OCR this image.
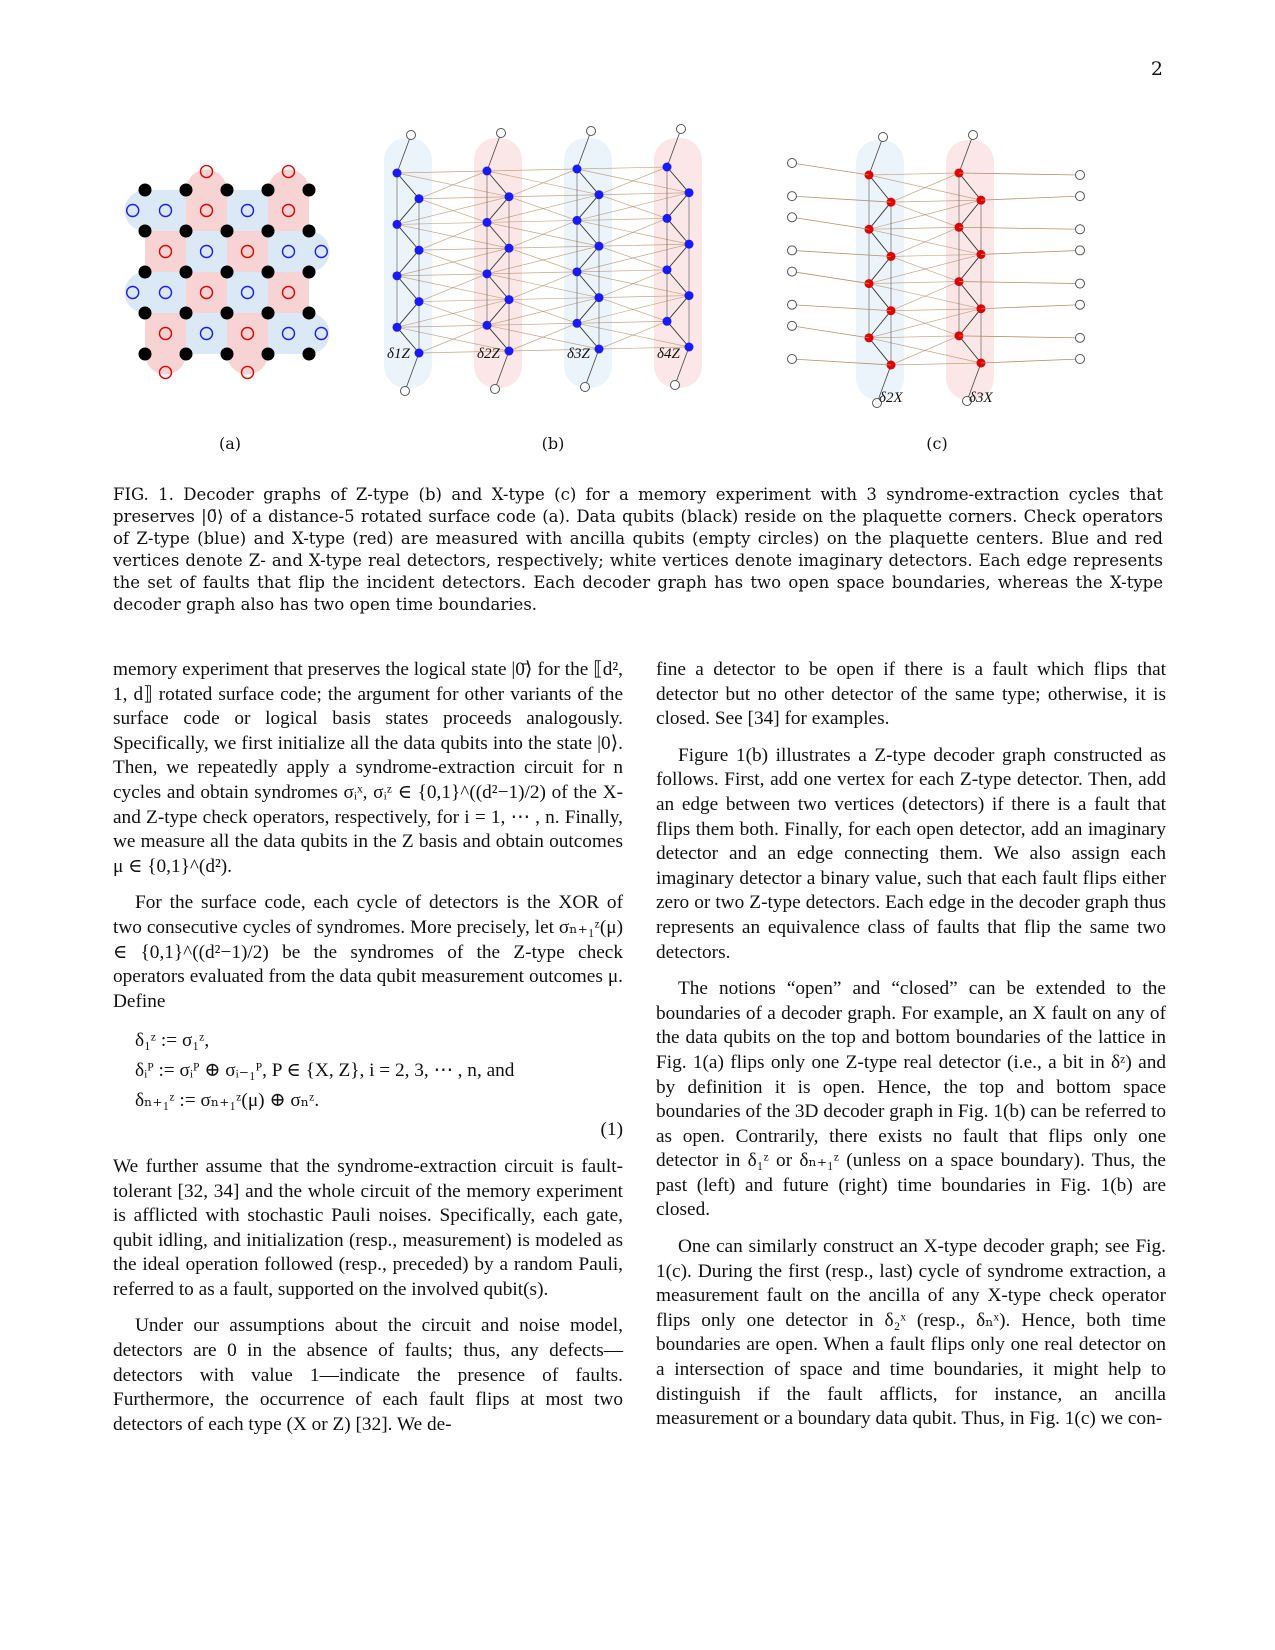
2
δ1Z	δ2Z	δ3Z	δ4Z
δ2X	δ3X
(a)	(b)	(c)
FIG. 1. Decoder graphs of Z-type (b) and X-type (c) for a memory experiment with 3 syndrome-extraction cycles that preserves |0̄⟩ of a distance-5 rotated surface code (a). Data qubits (black) reside on the plaquette corners. Check operators of Z-type (blue) and X-type (red) are measured with ancilla qubits (empty circles) on the plaquette centers. Blue and red vertices denote Z- and X-type real detectors, respectively; white vertices denote imaginary detectors. Each edge represents the set of faults that flip the incident detectors. Each decoder graph has two open space boundaries, whereas the X-type decoder graph also has two open time boundaries.

memory experiment that preserves the logical state |0̄⟩ for the ⟦d², 1, d⟧ rotated surface code; the argument for other variants of the surface code or logical basis states proceeds analogously. Specifically, we first initialize all the data qubits into the state |0⟩. Then, we repeatedly apply a syndrome-extraction circuit for n cycles and obtain syndromes σᵢˣ, σᵢᶻ ∈ {0,1}^((d²−1)/2) of the X- and Z-type check operators, respectively, for i = 1, ⋯ , n. Finally, we measure all the data qubits in the Z basis and obtain outcomes μ ∈ {0,1}^(d²).

For the surface code, each cycle of detectors is the XOR of two consecutive cycles of syndromes. More precisely, let σₙ₊₁ᶻ(μ) ∈ {0,1}^((d²−1)/2) be the syndromes of the Z-type check operators evaluated from the data qubit measurement outcomes μ. Define

δ₁ᶻ := σ₁ᶻ,
δᵢᴾ := σᵢᴾ ⊕ σᵢ₋₁ᴾ, P ∈ {X, Z}, i = 2, 3, ⋯ , n, and
δₙ₊₁ᶻ := σₙ₊₁ᶻ(μ) ⊕ σₙᶻ.
(1)

We further assume that the syndrome-extraction circuit is fault-tolerant [32, 34] and the whole circuit of the memory experiment is afflicted with stochastic Pauli noises. Specifically, each gate, qubit idling, and initialization (resp., measurement) is modeled as the ideal operation followed (resp., preceded) by a random Pauli, referred to as a fault, supported on the involved qubit(s).

Under our assumptions about the circuit and noise model, detectors are 0 in the absence of faults; thus, any defects—detectors with value 1—indicate the presence of faults. Furthermore, the occurrence of each fault flips at most two detectors of each type (X or Z) [32]. We de-

fine a detector to be open if there is a fault which flips that detector but no other detector of the same type; otherwise, it is closed. See [34] for examples.

Figure 1(b) illustrates a Z-type decoder graph constructed as follows. First, add one vertex for each Z-type detector. Then, add an edge between two vertices (detectors) if there is a fault that flips them both. Finally, for each open detector, add an imaginary detector and an edge connecting them. We also assign each imaginary detector a binary value, such that each fault flips either zero or two Z-type detectors. Each edge in the decoder graph thus represents an equivalence class of faults that flip the same two detectors.

The notions “open” and “closed” can be extended to the boundaries of a decoder graph. For example, an X fault on any of the data qubits on the top and bottom boundaries of the lattice in Fig. 1(a) flips only one Z-type real detector (i.e., a bit in δᶻ) and by definition it is open. Hence, the top and bottom space boundaries of the 3D decoder graph in Fig. 1(b) can be referred to as open. Contrarily, there exists no fault that flips only one detector in δ₁ᶻ or δₙ₊₁ᶻ (unless on a space boundary). Thus, the past (left) and future (right) time boundaries in Fig. 1(b) are closed.

One can similarly construct an X-type decoder graph; see Fig. 1(c). During the first (resp., last) cycle of syndrome extraction, a measurement fault on the ancilla of any X-type check operator flips only one detector in δ₂ˣ (resp., δₙˣ). Hence, both time boundaries are open. When a fault flips only one real detector on a intersection of space and time boundaries, it might help to distinguish if the fault afflicts, for instance, an ancilla measurement or a boundary data qubit. Thus, in Fig. 1(c) we con-
